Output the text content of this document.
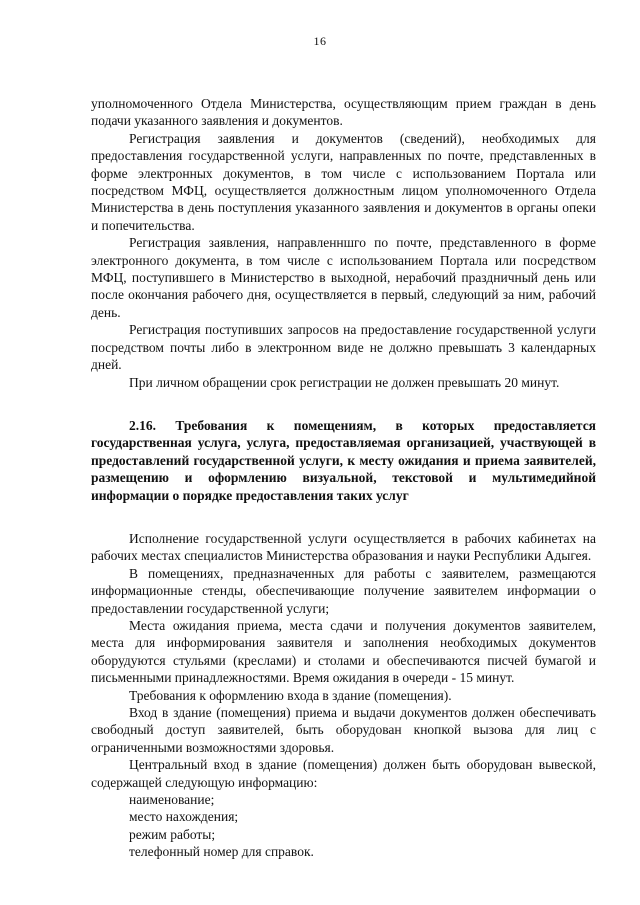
16

уполномоченного Отдела Министерства, осуществляющим прием граждан в день подачи указанного заявления и документов.

Регистрация заявления и документов (сведений), необходимых для предоставления государственной услуги, направленных по почте, представленных в форме электронных документов, в том числе с использованием Портала или посредством МФЦ, осуществляется должностным лицом уполномоченного Отдела Министерства в день поступления указанного заявления и документов в органы опеки и попечительства.

Регистрация заявления, направленншго по почте, представленного в форме электронного документа, в том числе с использованием Портала или посредством МФЦ, поступившего в Министерство в выходной, нерабочий праздничный день или после окончания рабочего дня, осуществляется в первый, следующий за ним, рабочий день.

Регистрация поступивших запросов на предоставление государственной услуги посредством почты либо в электронном виде не должно превышать 3 календарных дней.

При личном обращении срок регистрации не должен превышать 20 минут.

2.16. Требования к помещениям, в которых предоставляется государственная услуга, услуга, предоставляемая организацией, участвующей в предоставлений государственной услуги, к месту ожидания и приема заявителей, размещению и оформлению визуальной, текстовой и мультимедийной информации о порядке предоставления таких услуг

Исполнение государственной услуги осуществляется в рабочих кабинетах на рабочих местах специалистов Министерства образования и науки Республики Адыгея.

В помещениях, предназначенных для работы с заявителем, размещаются информационные стенды, обеспечивающие получение заявителем информации о предоставлении государственной услуги;

Места ожидания приема, места сдачи и получения документов заявителем, места для информирования заявителя и заполнения необходимых документов оборудуются стульями (креслами) и столами и обеспечиваются писчей бумагой и письменными принадлежностями. Время ожидания в очереди - 15 минут.

Требования к оформлению входа в здание (помещения).

Вход в здание (помещения) приема и выдачи документов должен обеспечивать свободный доступ заявителей, быть оборудован кнопкой вызова для лиц с ограниченными возможностями здоровья.

Центральный вход в здание (помещения) должен быть оборудован вывеской, содержащей следующую информацию:

наименование;

место нахождения;

режим работы;

телефонный номер для справок.
